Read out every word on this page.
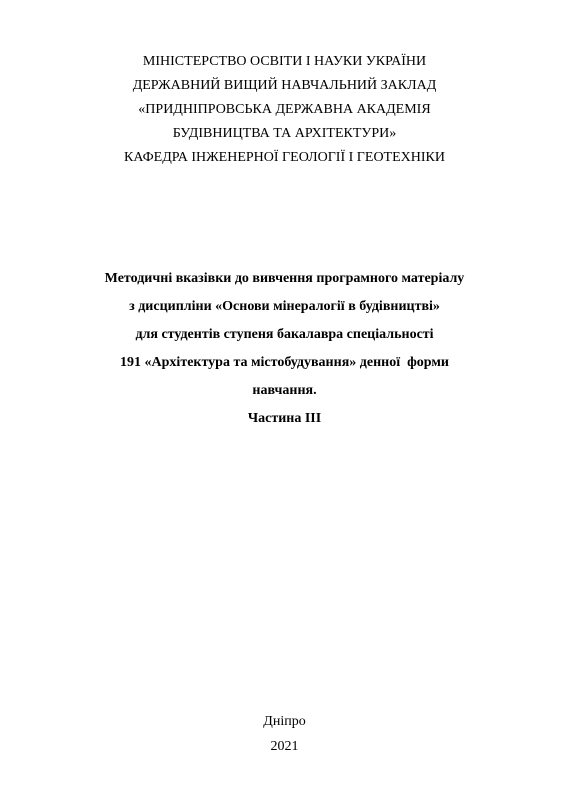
МІНІСТЕРСТВО ОСВІТИ І НАУКИ УКРАЇНИ
ДЕРЖАВНИЙ ВИЩИЙ НАВЧАЛЬНИЙ ЗАКЛАД
«ПРИДНІПРОВСЬКА ДЕРЖАВНА АКАДЕМІЯ
БУДІВНИЦТВА ТА АРХІТЕКТУРИ»
КАФЕДРА ІНЖЕНЕРНОЇ ГЕОЛОГІЇ І ГЕОТЕХНІКИ
Методичні вказівки до вивчення програмного матеріалу
з дисципліни «Основи мінералогії в будівництві»
для студентів ступеня бакалавра спеціальності
191 «Архітектура та містобудування» денної  форми
навчання.
Частина ІІІ
Дніпро
2021
